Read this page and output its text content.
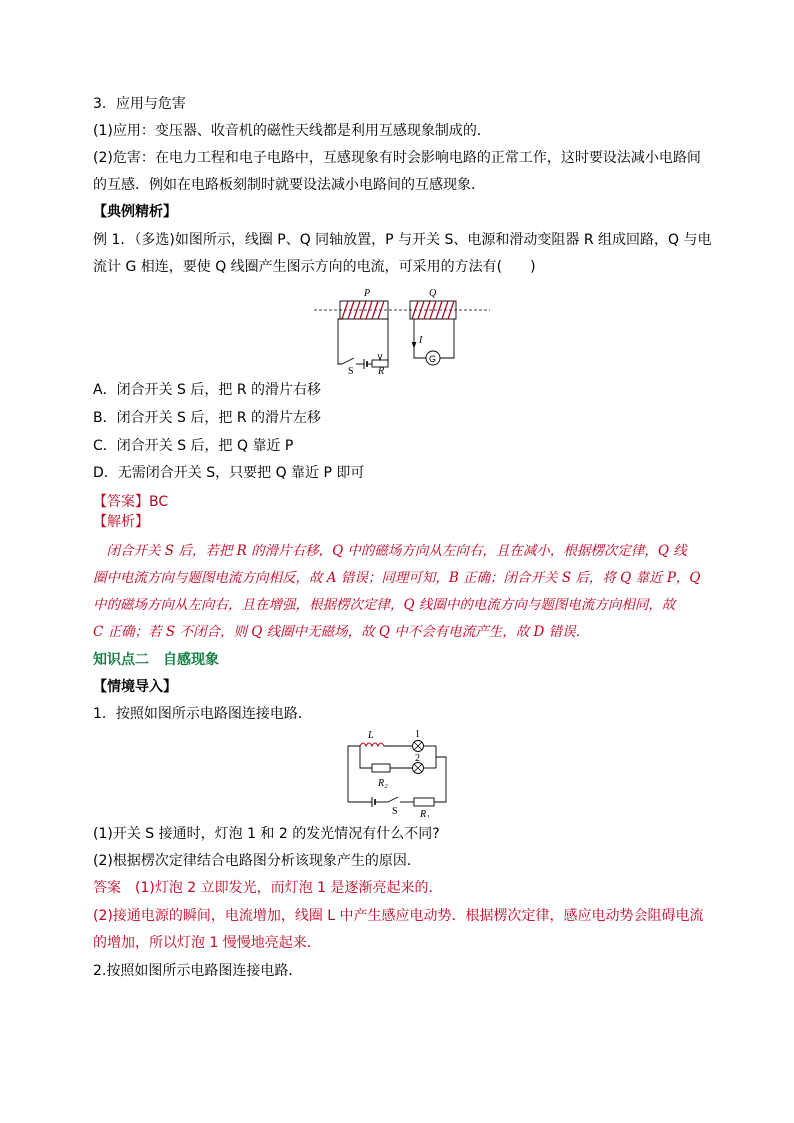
3．应用与危害
(1)应用：变压器、收音机的磁性天线都是利用互感现象制成的．
(2)危害：在电力工程和电子电路中，互感现象有时会影响电路的正常工作，这时要设法减小电路间
的互感．例如在电路板刻制时就要设法减小电路间的互感现象．
【典例精析】
例 1．（多选)如图所示，线圈 P、Q 同轴放置，P 与开关 S、电源和滑动变阻器 R 组成回路，Q 与电
流计 G 相连，要使 Q 线圈产生图示方向的电流，可采用的方法有(　　)
P	Q
S R
G
I
A．闭合开关 S 后，把 R 的滑片右移
B．闭合开关 S 后，把 R 的滑片左移
C．闭合开关 S 后，把 Q 靠近 P
D．无需闭合开关 S，只要把 Q 靠近 P 即可
【答案】BC
【解析】
　闭合开关 S 后，若把 R 的滑片右移，Q 中的磁场方向从左向右，且在减小，根据楞次定律，Q 线
圈中电流方向与题图电流方向相反，故 A 错误；同理可知，B 正确；闭合开关 S 后，将 Q 靠近 P，Q
中的磁场方向从左向右，且在增强，根据楞次定律，Q 线圈中的电流方向与题图电流方向相同，故
C 正确；若 S 不闭合，则 Q 线圈中无磁场，故 Q 中不会有电流产生，故 D 错误．
知识点二　自感现象
【情境导入】
1．按照如图所示电路图连接电路．
L	1
2
R₂
S R₁
(1)开关 S 接通时，灯泡 1 和 2 的发光情况有什么不同?
(2)根据楞次定律结合电路图分析该现象产生的原因．
答案　(1)灯泡 2 立即发光，而灯泡 1 是逐渐亮起来的．
(2)接通电源的瞬间，电流增加，线圈 L 中产生感应电动势．根据楞次定律，感应电动势会阻碍电流
的增加，所以灯泡 1 慢慢地亮起来．
2.按照如图所示电路图连接电路．
